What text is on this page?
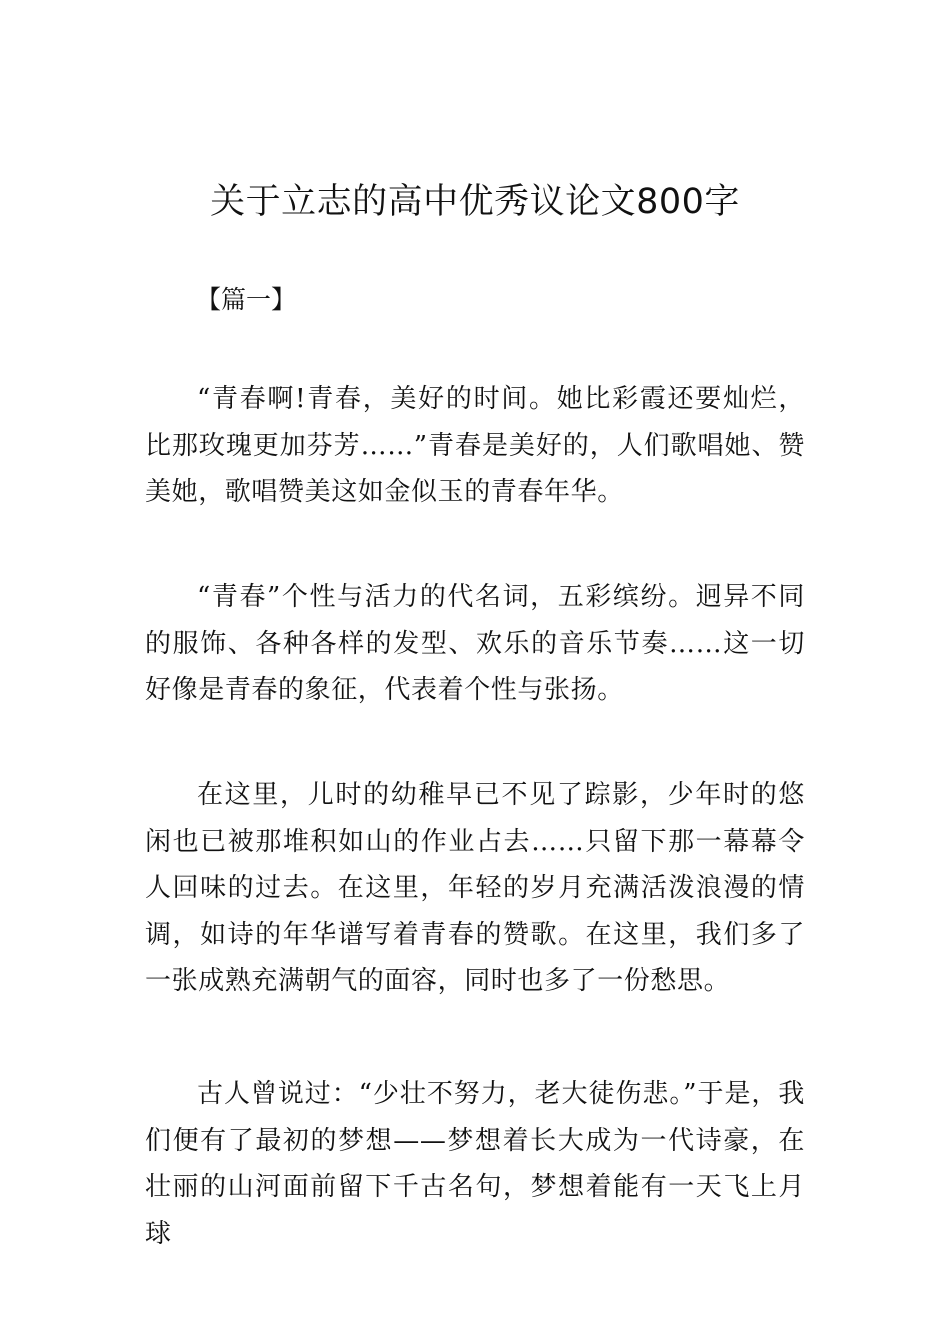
关于立志的高中优秀议论文800字
【篇一】

“青春啊!青春，美好的时间。她比彩霞还要灿烂，比那玫瑰更加芬芳……”青春是美好的，人们歌唱她、赞美她，歌唱赞美这如金似玉的青春年华。

“青春”个性与活力的代名词，五彩缤纷。迥异不同的服饰、各种各样的发型、欢乐的音乐节奏……这一切好像是青春的象征，代表着个性与张扬。

在这里，儿时的幼稚早已不见了踪影，少年时的悠闲也已被那堆积如山的作业占去……只留下那一幕幕令人回味的过去。在这里，年轻的岁月充满活泼浪漫的情调，如诗的年华谱写着青春的赞歌。在这里，我们多了一张成熟充满朝气的面容，同时也多了一份愁思。

古人曾说过：“少壮不努力，老大徒伤悲。”于是，我们便有了最初的梦想——梦想着长大成为一代诗豪，在壮丽的山河面前留下千古名句，梦想着能有一天飞上月球
